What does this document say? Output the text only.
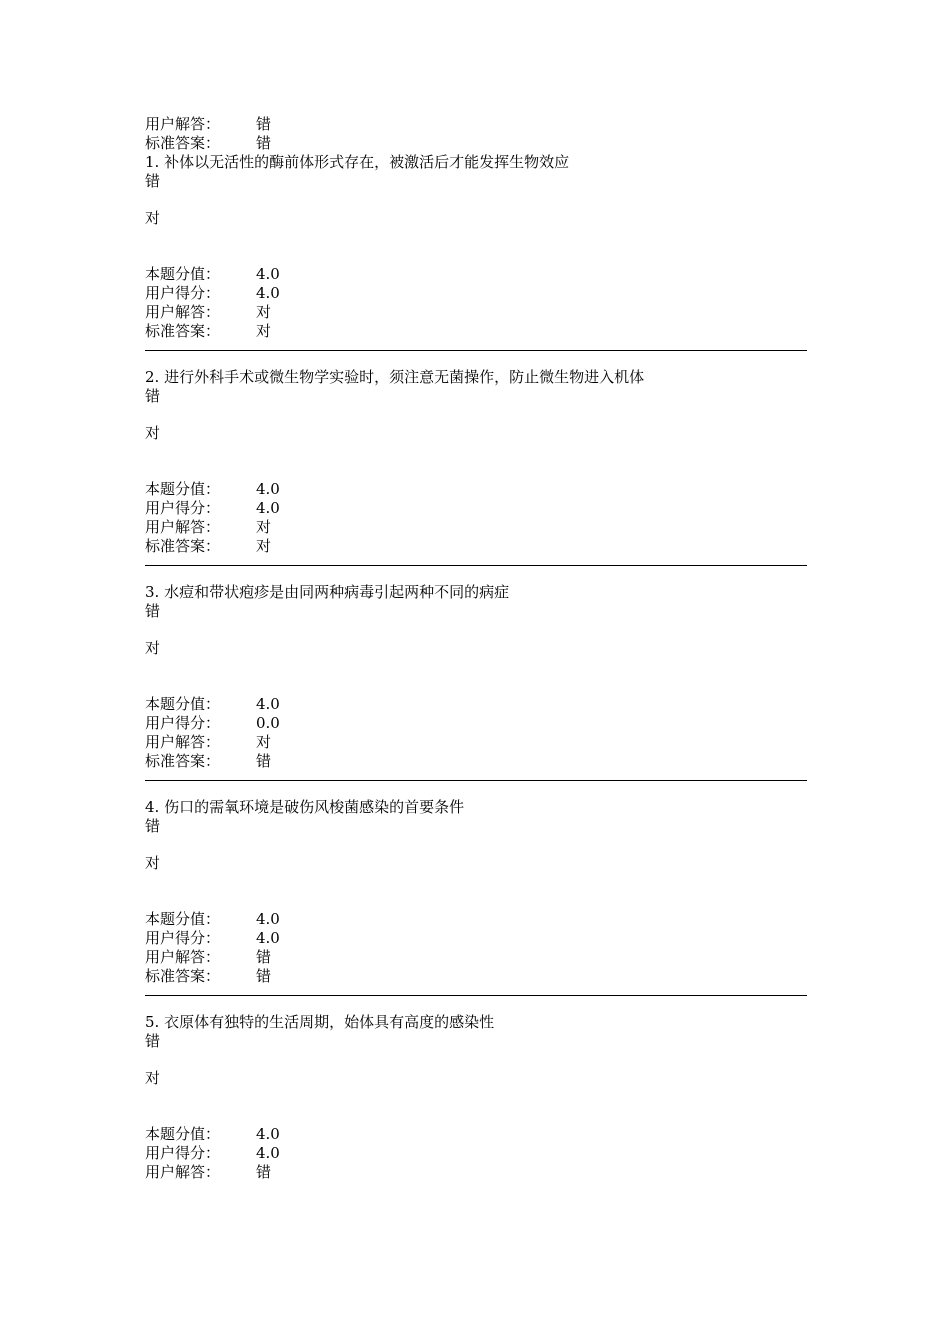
用户解答：	错
标准答案：	错
1. 补体以无活性的酶前体形式存在，被激活后才能发挥生物效应
错
对
本题分值：	4.0
用户得分：	4.0
用户解答：	对
标准答案：	对
2. 进行外科手术或微生物学实验时，须注意无菌操作，防止微生物进入机体
错
对
本题分值：	4.0
用户得分：	4.0
用户解答：	对
标准答案：	对
3. 水痘和带状疱疹是由同两种病毒引起两种不同的病症
错
对
本题分值：	4.0
用户得分：	0.0
用户解答：	对
标准答案：	错
4. 伤口的需氧环境是破伤风梭菌感染的首要条件
错
对
本题分值：	4.0
用户得分：	4.0
用户解答：	错
标准答案：	错
5. 衣原体有独特的生活周期，始体具有高度的感染性
错
对
本题分值：	4.0
用户得分：	4.0
用户解答：	错
